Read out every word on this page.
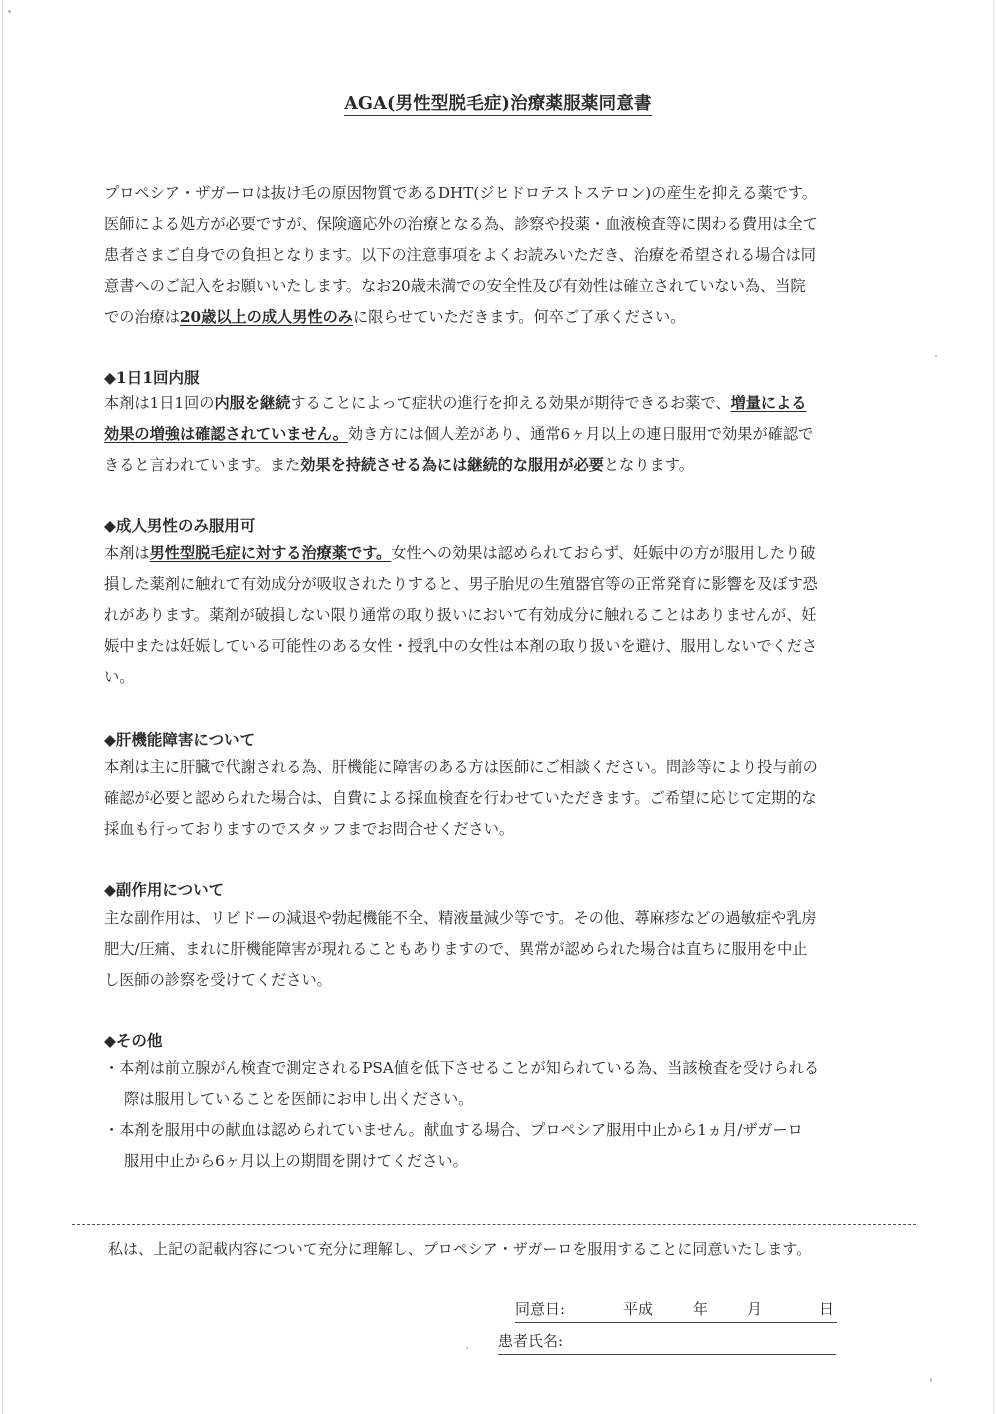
AGA(男性型脱毛症)治療薬服薬同意書
プロペシア・ザガーロは抜け毛の原因物質であるDHT(ジヒドロテストステロン)の産生を抑える薬です。
医師による処方が必要ですが、保険適応外の治療となる為、診察や投薬・血液検査等に関わる費用は全て
患者さまご自身での負担となります。以下の注意事項をよくお読みいただき、治療を希望される場合は同
意書へのご記入をお願いいたします。なお20歳未満での安全性及び有効性は確立されていない為、当院
での治療は20歳以上の成人男性のみに限らせていただきます。何卒ご了承ください。
◆1日1回内服
本剤は1日1回の内服を継続することによって症状の進行を抑える効果が期待できるお薬で、増量による
効果の増強は確認されていません。効き方には個人差があり、通常6ヶ月以上の連日服用で効果が確認で
きると言われています。また効果を持続させる為には継続的な服用が必要となります。
◆成人男性のみ服用可
本剤は男性型脱毛症に対する治療薬です。女性への効果は認められておらず、妊娠中の方が服用したり破
損した薬剤に触れて有効成分が吸収されたりすると、男子胎児の生殖器官等の正常発育に影響を及ぼす恐
れがあります。薬剤が破損しない限り通常の取り扱いにおいて有効成分に触れることはありませんが、妊
娠中または妊娠している可能性のある女性・授乳中の女性は本剤の取り扱いを避け、服用しないでくださ
い。
◆肝機能障害について
本剤は主に肝臓で代謝される為、肝機能に障害のある方は医師にご相談ください。問診等により投与前の
確認が必要と認められた場合は、自費による採血検査を行わせていただきます。ご希望に応じて定期的な
採血も行っておりますのでスタッフまでお問合せください。
◆副作用について
主な副作用は、リビドーの減退や勃起機能不全、精液量減少等です。その他、蕁麻疹などの過敏症や乳房
肥大/圧痛、まれに肝機能障害が現れることもありますので、異常が認められた場合は直ちに服用を中止
し医師の診察を受けてください。
◆その他
・本剤は前立腺がん検査で測定されるPSA値を低下させることが知られている為、当該検査を受けられる
際は服用していることを医師にお申し出ください。
・本剤を服用中の献血は認められていません。献血する場合、プロペシア服用中止から1ヵ月/ザガーロ
服用中止から6ヶ月以上の期間を開けてください。
私は、上記の記載内容について充分に理解し、プロペシア・ザガーロを服用することに同意いたします。
同意日:	平成	年	月	日
患者氏名:
